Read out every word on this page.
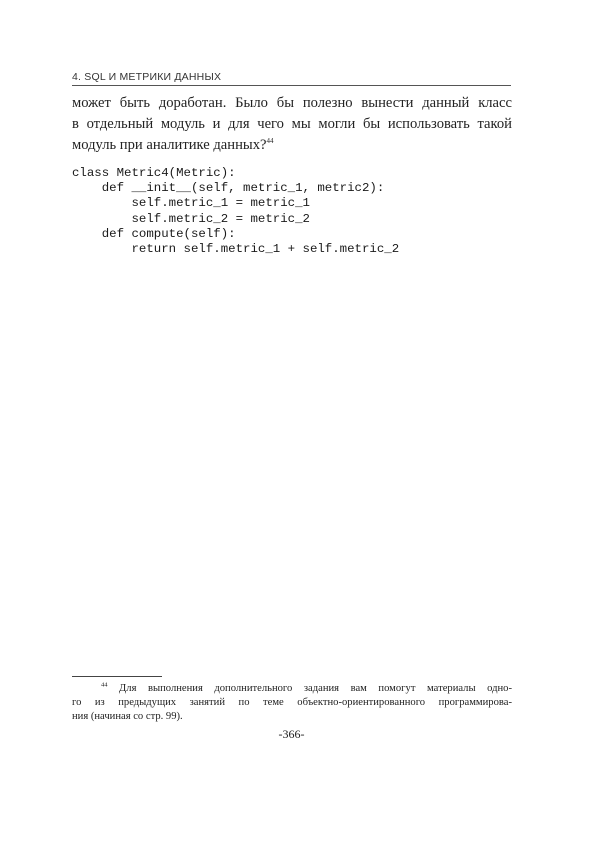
4. SQL И МЕТРИКИ ДАННЫХ
может быть доработан. Было бы полезно вынести данный класс
в отдельный модуль и для чего мы могли бы использовать такой
модуль при аналитике данных?$^{44}$
class Metric4(Metric):
def __init__(self, metric_1, metric2):
self.metric_1 = metric_1
self.metric_2 = metric_2
def compute(self):
return self.metric_1 + self.metric_2
$^{44}$ Для выполнения дополнительного задания вам помогут материалы одно-
го из предыдущих занятий по теме объектно-ориентированного программирова-
ния (начиная со стр. 99).
-366-
